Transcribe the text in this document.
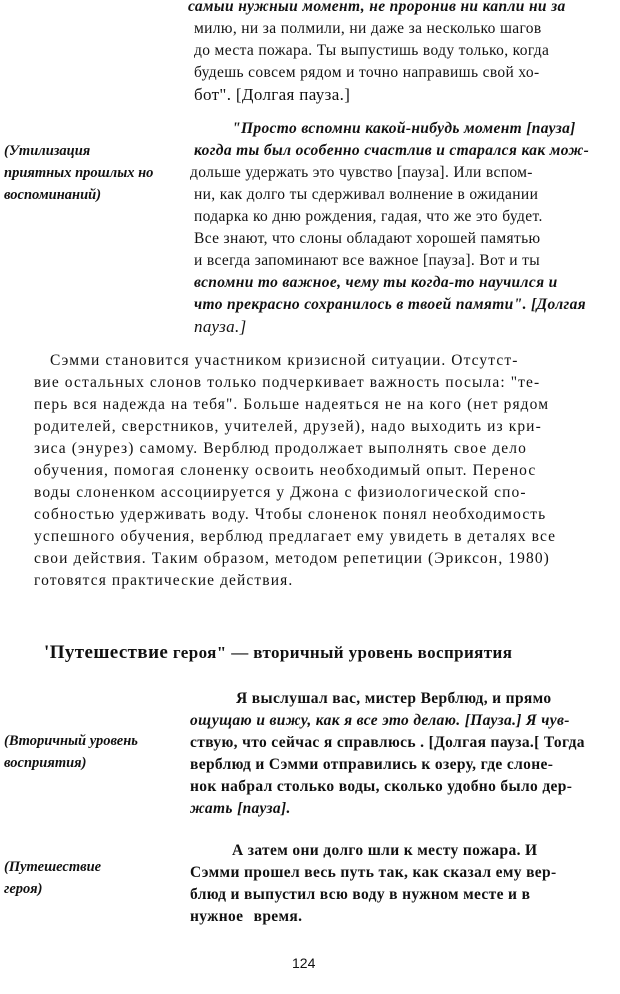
самыи нужныи момент, не проронив ни капли ни за
милю, ни за полмили, ни даже за несколько шагов
до места пожара. Ты выпустишь воду только, когда
будешь совсем рядом и точно направишь свой хо-
бот". [Долгая пауза.]
(Утилизация
приятных прошлых но
воспоминаний)
"Просто вспомни какой-нибудь момент [пауза]
когда ты был особенно счастлив и старался как мож-
дольше удержать это чувство [пауза]. Или вспом-
ни, как долго ты сдерживал волнение в ожидании
подарка ко дню рождения, гадая, что же это будет.
Все знают, что слоны обладают хорошей памятью
и всегда запоминают все важное [пауза]. Вот и ты
вспомни то важное, чему ты когда-то научился и
что прекрасно сохранилось в твоей памяти". [Долгая
пауза.]
Сэмми становится участником кризисной ситуации. Отсутст-
вие остальных слонов только подчеркивает важность посыла: "те-
перь вся надежда на тебя". Больше надеяться не на кого (нет рядом
родителей, сверстников, учителей, друзей), надо выходить из кри-
зиса (энурез) самому. Верблюд продолжает выполнять свое дело
обучения, помогая слоненку освоить необходимый опыт. Перенос
воды слоненком ассоциируется у Джона с физиологической спо-
собностью удерживать воду. Чтобы слоненок понял необходимость
успешного обучения, верблюд предлагает ему увидеть в деталях все
свои действия. Таким образом, методом репетиции (Эриксон, 1980)
готовятся практические действия.
'Путешествие героя" — вторичный уровень восприятия
(Вторичный уровень
восприятия)
Я выслушал вас, мистер Верблюд, и прямо
ощущаю и вижу, как я все это делаю. [Пауза.] Я чув-
ствую, что сейчас я справлюсь . [Долгая пауза.[ Тогда
верблюд и Сэмми отправились к озеру, где слоне-
нок набрал столько воды, сколько удобно было дер-
жать [пауза].
(Путешествие
героя)
А затем они долго шли к месту пожара. И
Сэмми прошел весь путь так, как сказал ему вер-
блюд и выпустил всю воду в нужном месте и в
нужное время.
124
